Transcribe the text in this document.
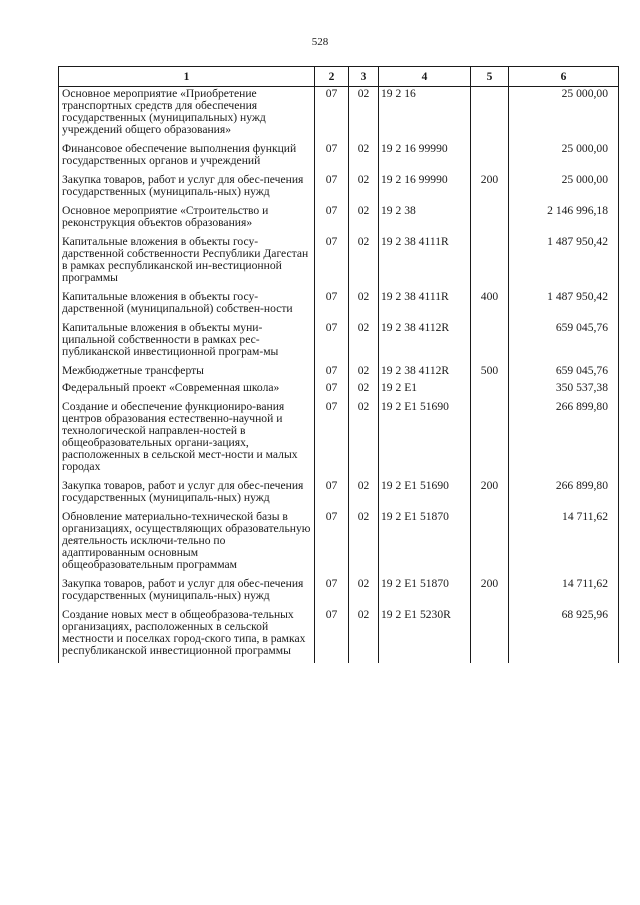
528
1	2	3	4	5	6
Основное мероприятие «Приобретение транспортных средств для обеспечения государственных (муниципальных) нужд учреждений общего образования»	07	02	19 2 16		25 000,00

Финансовое обеспечение выполнения функций государственных органов и учреждений	07	02	19 2 16 99990		25 000,00

Закупка товаров, работ и услуг для обес-печения государственных (муниципаль-ных) нужд	07	02	19 2 16 99990	200	25 000,00

Основное мероприятие «Строительство и реконструкция объектов образования»	07	02	19 2 38		2 146 996,18

Капитальные вложения в объекты госу-дарственной собственности Республики Дагестан в рамках республиканской ин-вестиционной программы	07	02	19 2 38 4111R		1 487 950,42

Капитальные вложения в объекты госу-дарственной (муниципальной) собствен-ности	07	02	19 2 38 4111R	400	1 487 950,42

Капитальные вложения в объекты муни-ципальной собственности в рамках рес-публиканской инвестиционной програм-мы	07	02	19 2 38 4112R		659 045,76

Межбюджетные трансферты	07	02	19 2 38 4112R	500	659 045,76

Федеральный проект «Современная школа»	07	02	19 2 E1		350 537,38

Создание и обеспечение функциониро-вания центров образования естественно-научной и технологической направлен-ностей в общеобразовательных органи-зациях, расположенных в сельской мест-ности и малых городах	07	02	19 2 E1 51690		266 899,80

Закупка товаров, работ и услуг для обес-печения государственных (муниципаль-ных) нужд	07	02	19 2 E1 51690	200	266 899,80

Обновление материально-технической базы в организациях, осуществляющих образовательную деятельность исключи-тельно по адаптированным основным общеобразовательным программам	07	02	19 2 E1 51870		14 711,62

Закупка товаров, работ и услуг для обес-печения государственных (муниципаль-ных) нужд	07	02	19 2 E1 51870	200	14 711,62

Создание новых мест в общеобразова-тельных организациях, расположенных в сельской местности и поселках город-ского типа, в рамках республиканской инвестиционной программы	07	02	19 2 E1 5230R		68 925,96
